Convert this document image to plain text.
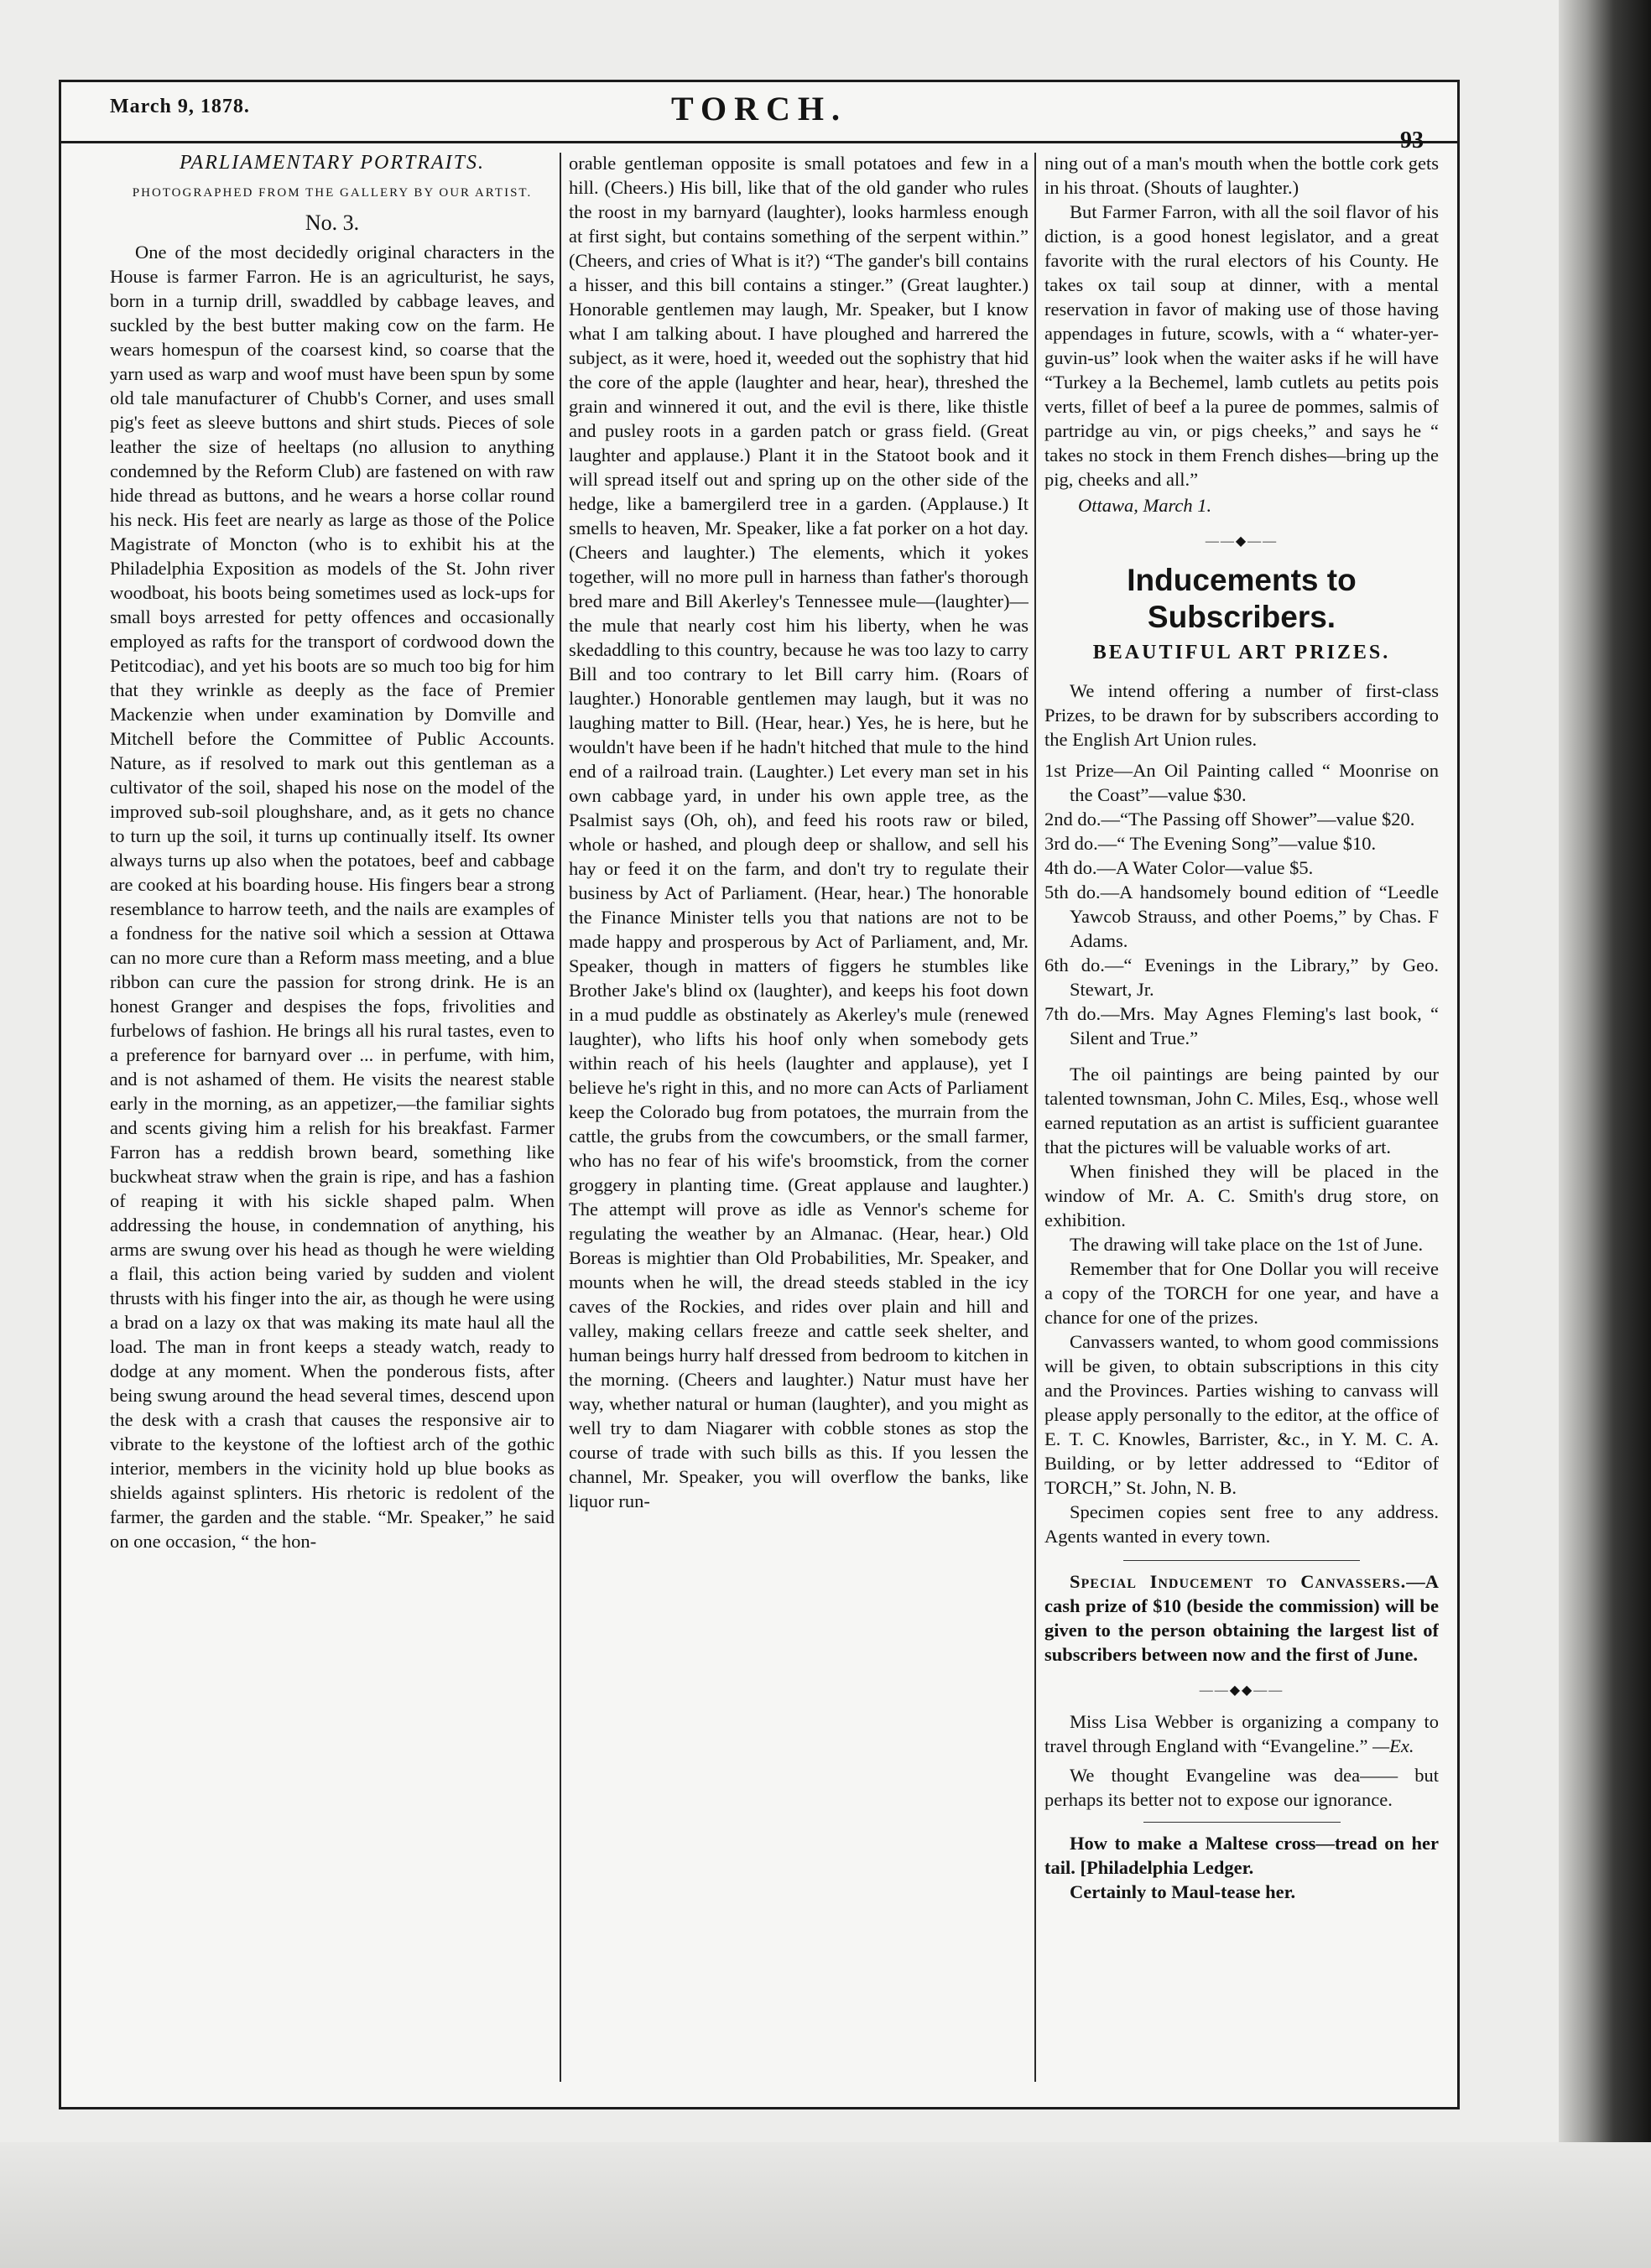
March 9, 1878.	TORCH.
93
PARLIAMENTARY PORTRAITS.
PHOTOGRAPHED FROM THE GALLERY BY OUR ARTIST.
No. 3.

One of the most decidedly original characters in the House is farmer Farron. He is an agriculturist, he says, born in a turnip drill, swaddled by cabbage leaves, and suckled by the best butter making cow on the farm. He wears homespun of the coarsest kind, so coarse that the yarn used as warp and woof must have been spun by some old tale manufacturer of Chubb's Corner, and uses small pig's feet as sleeve buttons and shirt studs. Pieces of sole leather the size of heeltaps (no allusion to anything condemned by the Reform Club) are fastened on with raw hide thread as buttons, and he wears a horse collar round his neck. His feet are nearly as large as those of the Police Magistrate of Moncton (who is to exhibit his at the Philadelphia Exposition as models of the St. John river woodboat, his boots being sometimes used as lock-ups for small boys arrested for petty offences and occasionally employed as rafts for the transport of cordwood down the Petitcodiac), and yet his boots are so much too big for him that they wrinkle as deeply as the face of Premier Mackenzie when under examination by Domville and Mitchell before the Committee of Public Accounts. Nature, as if resolved to mark out this gentleman as a cultivator of the soil, shaped his nose on the model of the improved sub-soil ploughshare, and, as it gets no chance to turn up the soil, it turns up continually itself. Its owner always turns up also when the potatoes, beef and cabbage are cooked at his boarding house. His fingers bear a strong resemblance to harrow teeth, and the nails are examples of a fondness for the native soil which a session at Ottawa can no more cure than a Reform mass meeting, and a blue ribbon can cure the passion for strong drink. He is an honest Granger and despises the fops, frivolities and furbelows of fashion. He brings all his rural tastes, even to a preference for barnyard over ... in perfume, with him, and is not ashamed of them. He visits the nearest stable early in the morning, as an appetizer,—the familiar sights and scents giving him a relish for his breakfast. Farmer Farron has a reddish brown beard, something like buckwheat straw when the grain is ripe, and has a fashion of reaping it with his sickle shaped palm. When addressing the house, in condemnation of anything, his arms are swung over his head as though he were wielding a flail, this action being varied by sudden and violent thrusts with his finger into the air, as though he were using a brad on a lazy ox that was making its mate haul all the load. The man in front keeps a steady watch, ready to dodge at any moment. When the ponderous fists, after being swung around the head several times, descend upon the desk with a crash that causes the responsive air to vibrate to the keystone of the loftiest arch of the gothic interior, members in the vicinity hold up blue books as shields against splinters. His rhetoric is redolent of the farmer, the garden and the stable. “Mr. Speaker,” he said on one occasion, “ the hon-

orable gentleman opposite is small potatoes and few in a hill. (Cheers.) His bill, like that of the old gander who rules the roost in my barnyard (laughter), looks harmless enough at first sight, but contains something of the serpent within.” (Cheers, and cries of What is it?) “The gander's bill contains a hisser, and this bill contains a stinger.” (Great laughter.) Honorable gentlemen may laugh, Mr. Speaker, but I know what I am talking about. I have ploughed and harrered the subject, as it were, hoed it, weeded out the sophistry that hid the core of the apple (laughter and hear, hear), threshed the grain and winnered it out, and the evil is there, like thistle and pusley roots in a garden patch or grass field. (Great laughter and applause.) Plant it in the Statoot book and it will spread itself out and spring up on the other side of the hedge, like a bamergilerd tree in a garden. (Applause.) It smells to heaven, Mr. Speaker, like a fat porker on a hot day. (Cheers and laughter.) The elements, which it yokes together, will no more pull in harness than father's thorough bred mare and Bill Akerley's Tennessee mule—(laughter)—the mule that nearly cost him his liberty, when he was skedaddling to this country, because he was too lazy to carry Bill and too contrary to let Bill carry him. (Roars of laughter.) Honorable gentlemen may laugh, but it was no laughing matter to Bill. (Hear, hear.) Yes, he is here, but he wouldn't have been if he hadn't hitched that mule to the hind end of a railroad train. (Laughter.) Let every man set in his own cabbage yard, in under his own apple tree, as the Psalmist says (Oh, oh), and feed his roots raw or biled, whole or hashed, and plough deep or shallow, and sell his hay or feed it on the farm, and don't try to regulate their business by Act of Parliament. (Hear, hear.) The honorable the Finance Minister tells you that nations are not to be made happy and prosperous by Act of Parliament, and, Mr. Speaker, though in matters of figgers he stumbles like Brother Jake's blind ox (laughter), and keeps his foot down in a mud puddle as obstinately as Akerley's mule (renewed laughter), who lifts his hoof only when somebody gets within reach of his heels (laughter and applause), yet I believe he's right in this, and no more can Acts of Parliament keep the Colorado bug from potatoes, the murrain from the cattle, the grubs from the cowcumbers, or the small farmer, who has no fear of his wife's broomstick, from the corner groggery in planting time. (Great applause and laughter.) The attempt will prove as idle as Vennor's scheme for regulating the weather by an Almanac. (Hear, hear.) Old Boreas is mightier than Old Probabilities, Mr. Speaker, and mounts when he will, the dread steeds stabled in the icy caves of the Rockies, and rides over plain and hill and valley, making cellars freeze and cattle seek shelter, and human beings hurry half dressed from bedroom to kitchen in the morning. (Cheers and laughter.) Natur must have her way, whether natural or human (laughter), and you might as well try to dam Niagarer with cobble stones as stop the course of trade with such bills as this. If you lessen the channel, Mr. Speaker, you will overflow the banks, like liquor run-

ning out of a man's mouth when the bottle cork gets in his throat. (Shouts of laughter.)

But Farmer Farron, with all the soil flavor of his diction, is a good honest legislator, and a great favorite with the rural electors of his County. He takes ox tail soup at dinner, with a mental reservation in favor of making use of those having appendages in future, scowls, with a “ whater-yer-guvin-us” look when the waiter asks if he will have “Turkey a la Bechemel, lamb cutlets au petits pois verts, fillet of beef a la puree de pommes, salmis of partridge au vin, or pigs cheeks,” and says he “ takes no stock in them French dishes—bring up the pig, cheeks and all.”

Ottawa, March 1.

——◆——
Inducements to Subscribers.
BEAUTIFUL ART PRIZES.

We intend offering a number of first-class Prizes, to be drawn for by subscribers according to the English Art Union rules.

1st Prize—An Oil Painting called “ Moonrise on the Coast”—value $30.

2nd do.—“The Passing off Shower”—value $20.

3rd do.—“ The Evening Song”—value $10.

4th do.—A Water Color—value $5.

5th do.—A handsomely bound edition of “Leedle Yawcob Strauss, and other Poems,” by Chas. F Adams.

6th do.—“ Evenings in the Library,” by Geo. Stewart, Jr.

7th do.—Mrs. May Agnes Fleming's last book, “ Silent and True.”

The oil paintings are being painted by our talented townsman, John C. Miles, Esq., whose well earned reputation as an artist is sufficient guarantee that the pictures will be valuable works of art.

When finished they will be placed in the window of Mr. A. C. Smith's drug store, on exhibition.

The drawing will take place on the 1st of June.

Remember that for One Dollar you will receive a copy of the TORCH for one year, and have a chance for one of the prizes.

Canvassers wanted, to whom good commissions will be given, to obtain subscriptions in this city and the Provinces. Parties wishing to canvass will please apply personally to the editor, at the office of E. T. C. Knowles, Barrister, &c., in Y. M. C. A. Building, or by letter addressed to “Editor of TORCH,” St. John, N. B.

Specimen copies sent free to any address. Agents wanted in every town.

Special Inducement to Canvassers.—A cash prize of $10 (beside the commission) will be given to the person obtaining the largest list of subscribers between now and the first of June.

——◆◆——

Miss Lisa Webber is organizing a company to travel through England with “Evangeline.” —Ex.

We thought Evangeline was dea—— but perhaps its better not to expose our ignorance.

How to make a Maltese cross—tread on her tail. [Philadelphia Ledger.

Certainly to Maul-tease her.
